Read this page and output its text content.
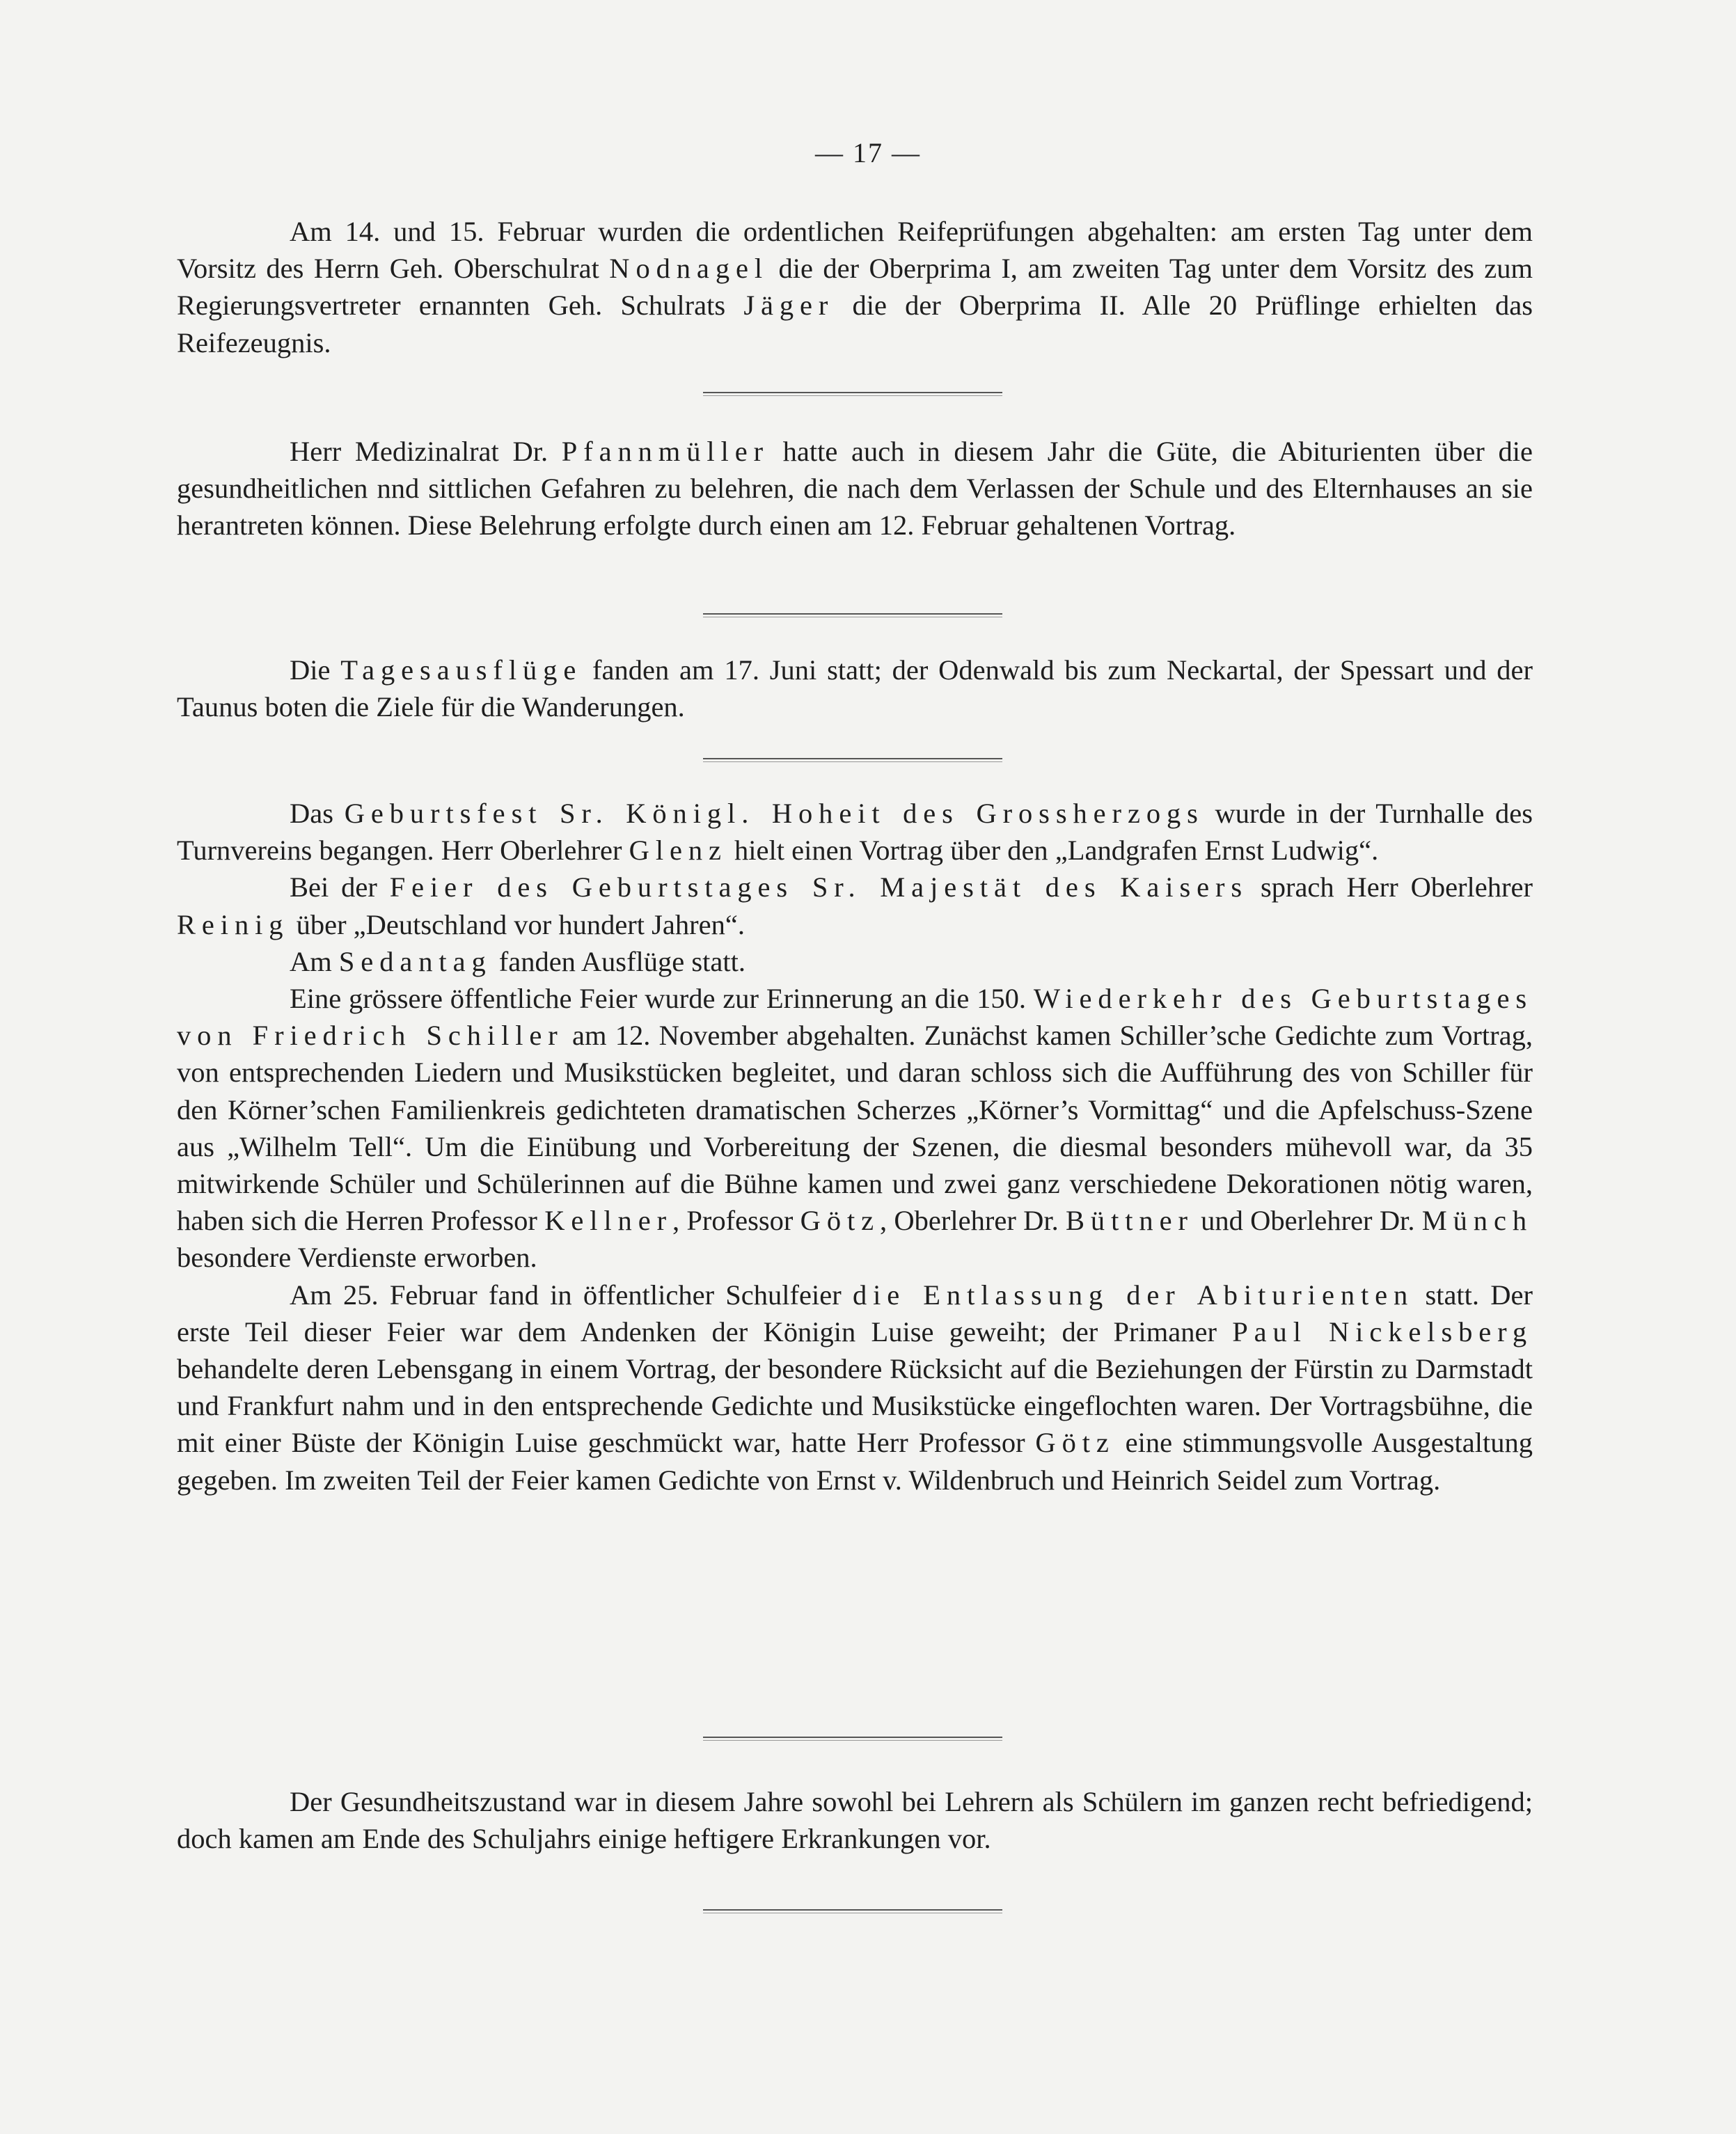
— 17 —

Am 14. und 15. Februar wurden die ordentlichen Reifeprüfungen abgehalten: am ersten Tag unter dem Vorsitz des Herrn Geh. Oberschulrat Nodnagel die der Oberprima I, am zweiten Tag unter dem Vorsitz des zum Regierungsvertreter ernannten Geh. Schulrats Jäger die der Oberprima II. Alle 20 Prüflinge erhielten das Reifezeugnis.

Herr Medizinalrat Dr. Pfannmüller hatte auch in diesem Jahr die Güte, die Abiturienten über die gesundheitlichen nnd sittlichen Gefahren zu belehren, die nach dem Verlassen der Schule und des Elternhauses an sie herantreten können. Diese Belehrung erfolgte durch einen am 12. Februar gehaltenen Vortrag.

Die Tagesausflüge fanden am 17. Juni statt; der Odenwald bis zum Neckartal, der Spessart und der Taunus boten die Ziele für die Wanderungen.

Das Geburtsfest Sr. Königl. Hoheit des Grossherzogs wurde in der Turnhalle des Turnvereins begangen. Herr Oberlehrer Glenz hielt einen Vortrag über den „Landgrafen Ernst Ludwig“.

Bei der Feier des Geburtstages Sr. Majestät des Kaisers sprach Herr Oberlehrer Reinig über „Deutschland vor hundert Jahren“.

Am Sedantag fanden Ausflüge statt.

Eine grössere öffentliche Feier wurde zur Erinnerung an die 150. Wiederkehr des Geburtstages von Friedrich Schiller am 12. November abgehalten. Zunächst kamen Schiller’sche Gedichte zum Vortrag, von entsprechenden Liedern und Musikstücken begleitet, und daran schloss sich die Aufführung des von Schiller für den Körner’schen Familienkreis gedichteten dramatischen Scherzes „Körner’s Vormittag“ und die Apfelschuss-Szene aus „Wilhelm Tell“. Um die Einübung und Vorbereitung der Szenen, die diesmal besonders mühevoll war, da 35 mitwirkende Schüler und Schülerinnen auf die Bühne kamen und zwei ganz verschiedene Dekorationen nötig waren, haben sich die Herren Professor Kellner, Professor Götz, Oberlehrer Dr. Büttner und Oberlehrer Dr. Münch besondere Verdienste erworben.

Am 25. Februar fand in öffentlicher Schulfeier die Entlassung der Abiturienten statt. Der erste Teil dieser Feier war dem Andenken der Königin Luise geweiht; der Primaner Paul Nickelsberg behandelte deren Lebensgang in einem Vortrag, der besondere Rücksicht auf die Beziehungen der Fürstin zu Darmstadt und Frankfurt nahm und in den entsprechende Gedichte und Musikstücke eingeflochten waren. Der Vortragsbühne, die mit einer Büste der Königin Luise geschmückt war, hatte Herr Professor Götz eine stimmungsvolle Ausgestaltung gegeben. Im zweiten Teil der Feier kamen Gedichte von Ernst v. Wildenbruch und Heinrich Seidel zum Vortrag.

Der Gesundheitszustand war in diesem Jahre sowohl bei Lehrern als Schülern im ganzen recht befriedigend; doch kamen am Ende des Schuljahrs einige heftigere Erkrankungen vor.
